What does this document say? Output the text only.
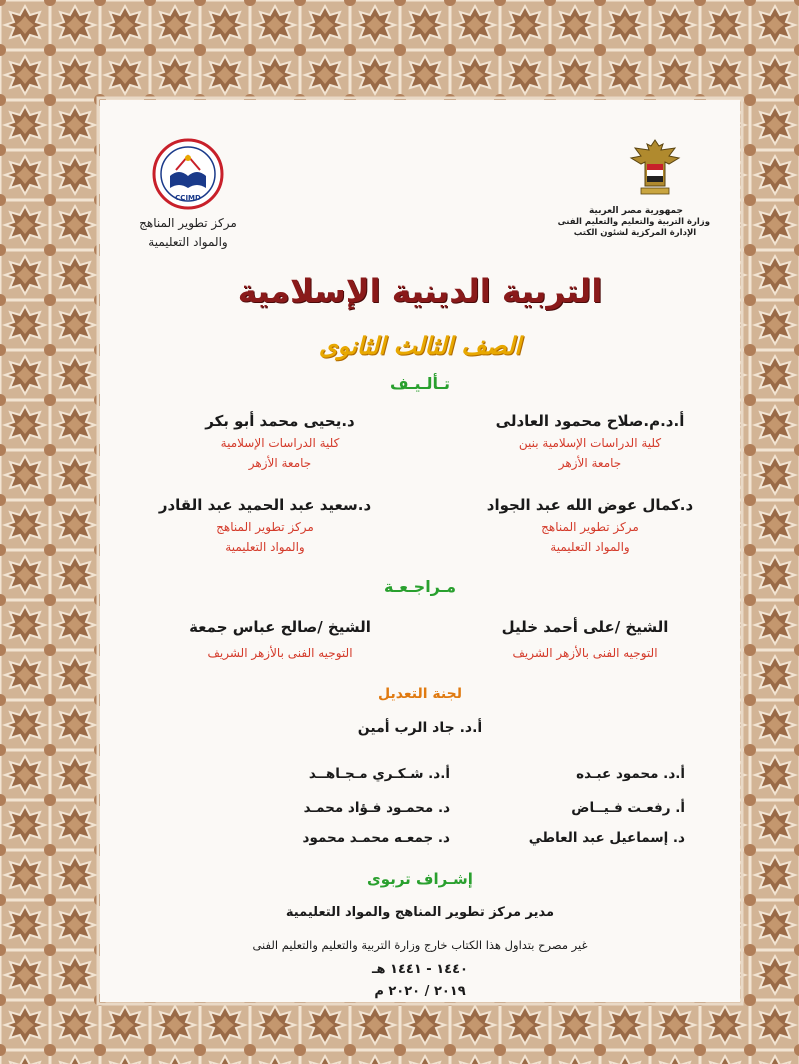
جمهورية مصر العربية
وزارة التربية والتعليم والتعليم الفنى
الإدارة المركزية لشئون الكتب
CCIMD
مركز تطوير المناهج
والمواد التعليمية
التربية الدينية الإسلامية
الصف الثالث الثانوى
تـألـيـف
أ.د.م.صلاح محمود العادلى
كلية الدراسات الإسلامية بنين
جامعة الأزهر
د.يحيى محمد أبو بكر
كلية الدراسات الإسلامية
جامعة الأزهر
د.كمال عوض الله عبد الجواد
مركز تطوير المناهج
والمواد التعليمية
د.سعيد عبد الحميد عبد القادر
مركز تطوير المناهج
والمواد التعليمية
مـراجـعـة
الشيخ /على أحمد خليل
التوجيه الفنى بالأزهر الشريف
الشيخ /صالح عباس جمعة
التوجيه الفنى بالأزهر الشريف
لجنة التعديل
أ.د. جاد الرب أمين
أ.د. محمود عبـده
أ.د. شـكـري مـجـاهــد
أ. رفعـت فـيــاض
د. محمـود فـؤاد محمـد
د. إسماعيل عبد العاطي
د. جمعـه محمـد محمود
إشـراف تربوى
مدير مركز تطوير المناهج والمواد التعليمية
غير مصرح بتداول هذا الكتاب خارج وزارة التربية والتعليم والتعليم الفنى
١٤٤٠ - ١٤٤١ هـ
٢٠١٩ / ٢٠٢٠ م
